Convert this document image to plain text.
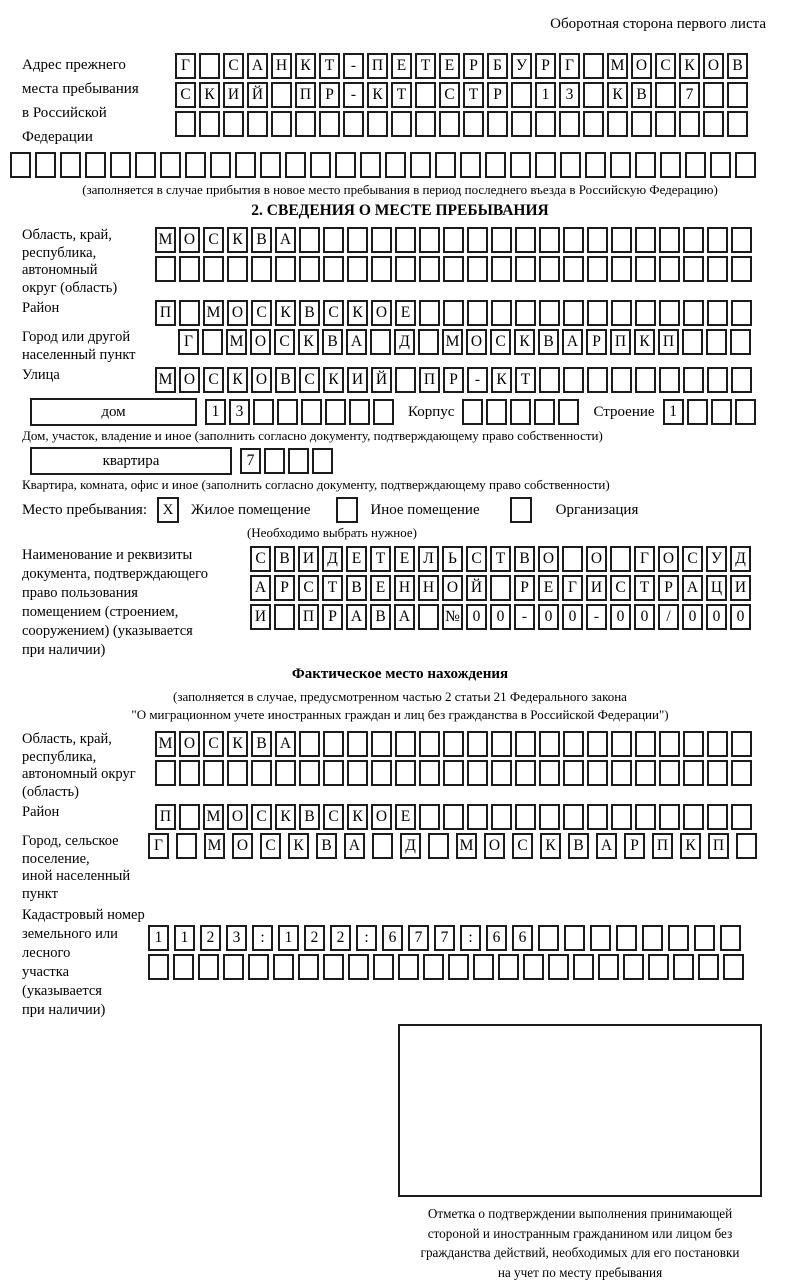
Оборотная сторона первого листа
Адрес прежнего
места пребывания
в Российской
Федерации
Г	С А Н К Т	-	П Е Т Е Р Б У Р Г	М О С К О В
С К И Й	П Р	-	К Т	С Т Р	1	3	К В	7
(заполняется в случае прибытия в новое место пребывания в период последнего въезда в Российскую Федерацию)
2. СВЕДЕНИЯ О МЕСТЕ ПРЕБЫВАНИЯ
Область, край,
республика,
автономный
округ (область)
М О С К В А
Район	П	М О С К В С К О Е
Город или другой
населенный пункт
Г	М О С К В А	Д	М О С К В А Р П К П
Улица	М О С К О В С К И Й	П Р	-	К Т
дом	1	3	Корпус	Строение 1
Дом, участок, владение и иное (заполнить согласно документу, подтверждающему право собственности)
квартира	7
Квартира, комната, офис и иное (заполнить согласно документу, подтверждающему право собственности)
Место пребывания:	X	Жилое помещение	Иное помещение	Организация
(Необходимо выбрать нужное)
Наименование и реквизиты
документа, подтверждающего
право пользования
помещением (строением,
сооружением) (указывается
при наличии)
С В И Д Е Т Е Л Ь С Т В О	О	Г О С У Д
А Р С Т В Е Н Н О Й	Р Е Г И С Т Р А Ц И
И	П Р А В А	№ 0	0	-	0	0	-	0	0	/	0	0	0
Фактическое место нахождения
(заполняется в случае, предусмотренном частью 2 статьи 21 Федерального закона
"О миграционном учете иностранных граждан и лиц без гражданства в Российской Федерации")
Область, край,
республика,
автономный округ
(область)
М О С К В А
Район	П	М О С К В С К О Е
Город, сельское поселение,
иной населенный пункт
Г	М	О	С	К	В	А	Д	М	О	С	К	В	А	Р	П	К	П
Кадастровый номер
земельного или лесного
участка (указывается
при наличии)
1	1	2	3	:	1	2	2	:	6	7	7	:	6	6
Отметка о подтверждении выполнения принимающей
стороной и иностранным гражданином или лицом без
гражданства действий, необходимых для его постановки
на учет по месту пребывания
